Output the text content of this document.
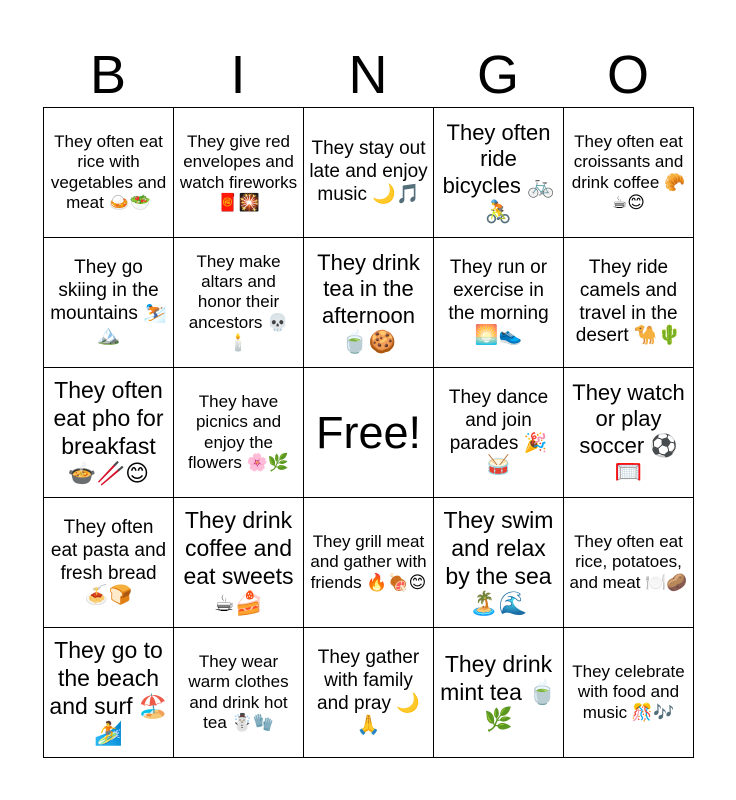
B	I	N	G	O
They often eat rice with vegetables and meat 🍛🥗
They give red envelopes and watch fireworks 🧧🎇
They stay out late and enjoy music 🌙🎵
They often ride bicycles 🚲🚴
They often eat croissants and drink coffee 🥐☕😊
They go skiing in the mountains ⛷️🏔️
They make altars and honor their ancestors 💀🕯️
They drink tea in the afternoon 🍵🍪
They run or exercise in the morning 🌅👟
They ride camels and travel in the desert 🐪🌵
They often eat pho for breakfast 🍲🥢😊
They have picnics and enjoy the flowers 🌸🌿
Free!
They dance and join parades 🎉🥁
They watch or play soccer ⚽🥅
They often eat pasta and fresh bread 🍝🍞
They drink coffee and eat sweets ☕🍰
They grill meat and gather with friends 🔥🍖😊
They swim and relax by the sea 🏝️🌊
They often eat rice, potatoes, and meat 🍽️🥔
They go to the beach and surf 🏖️🏄
They wear warm clothes and drink hot tea ☃️🧤
They gather with family and pray 🌙🙏
They drink mint tea 🍵🌿
They celebrate with food and music 🎊🎶
